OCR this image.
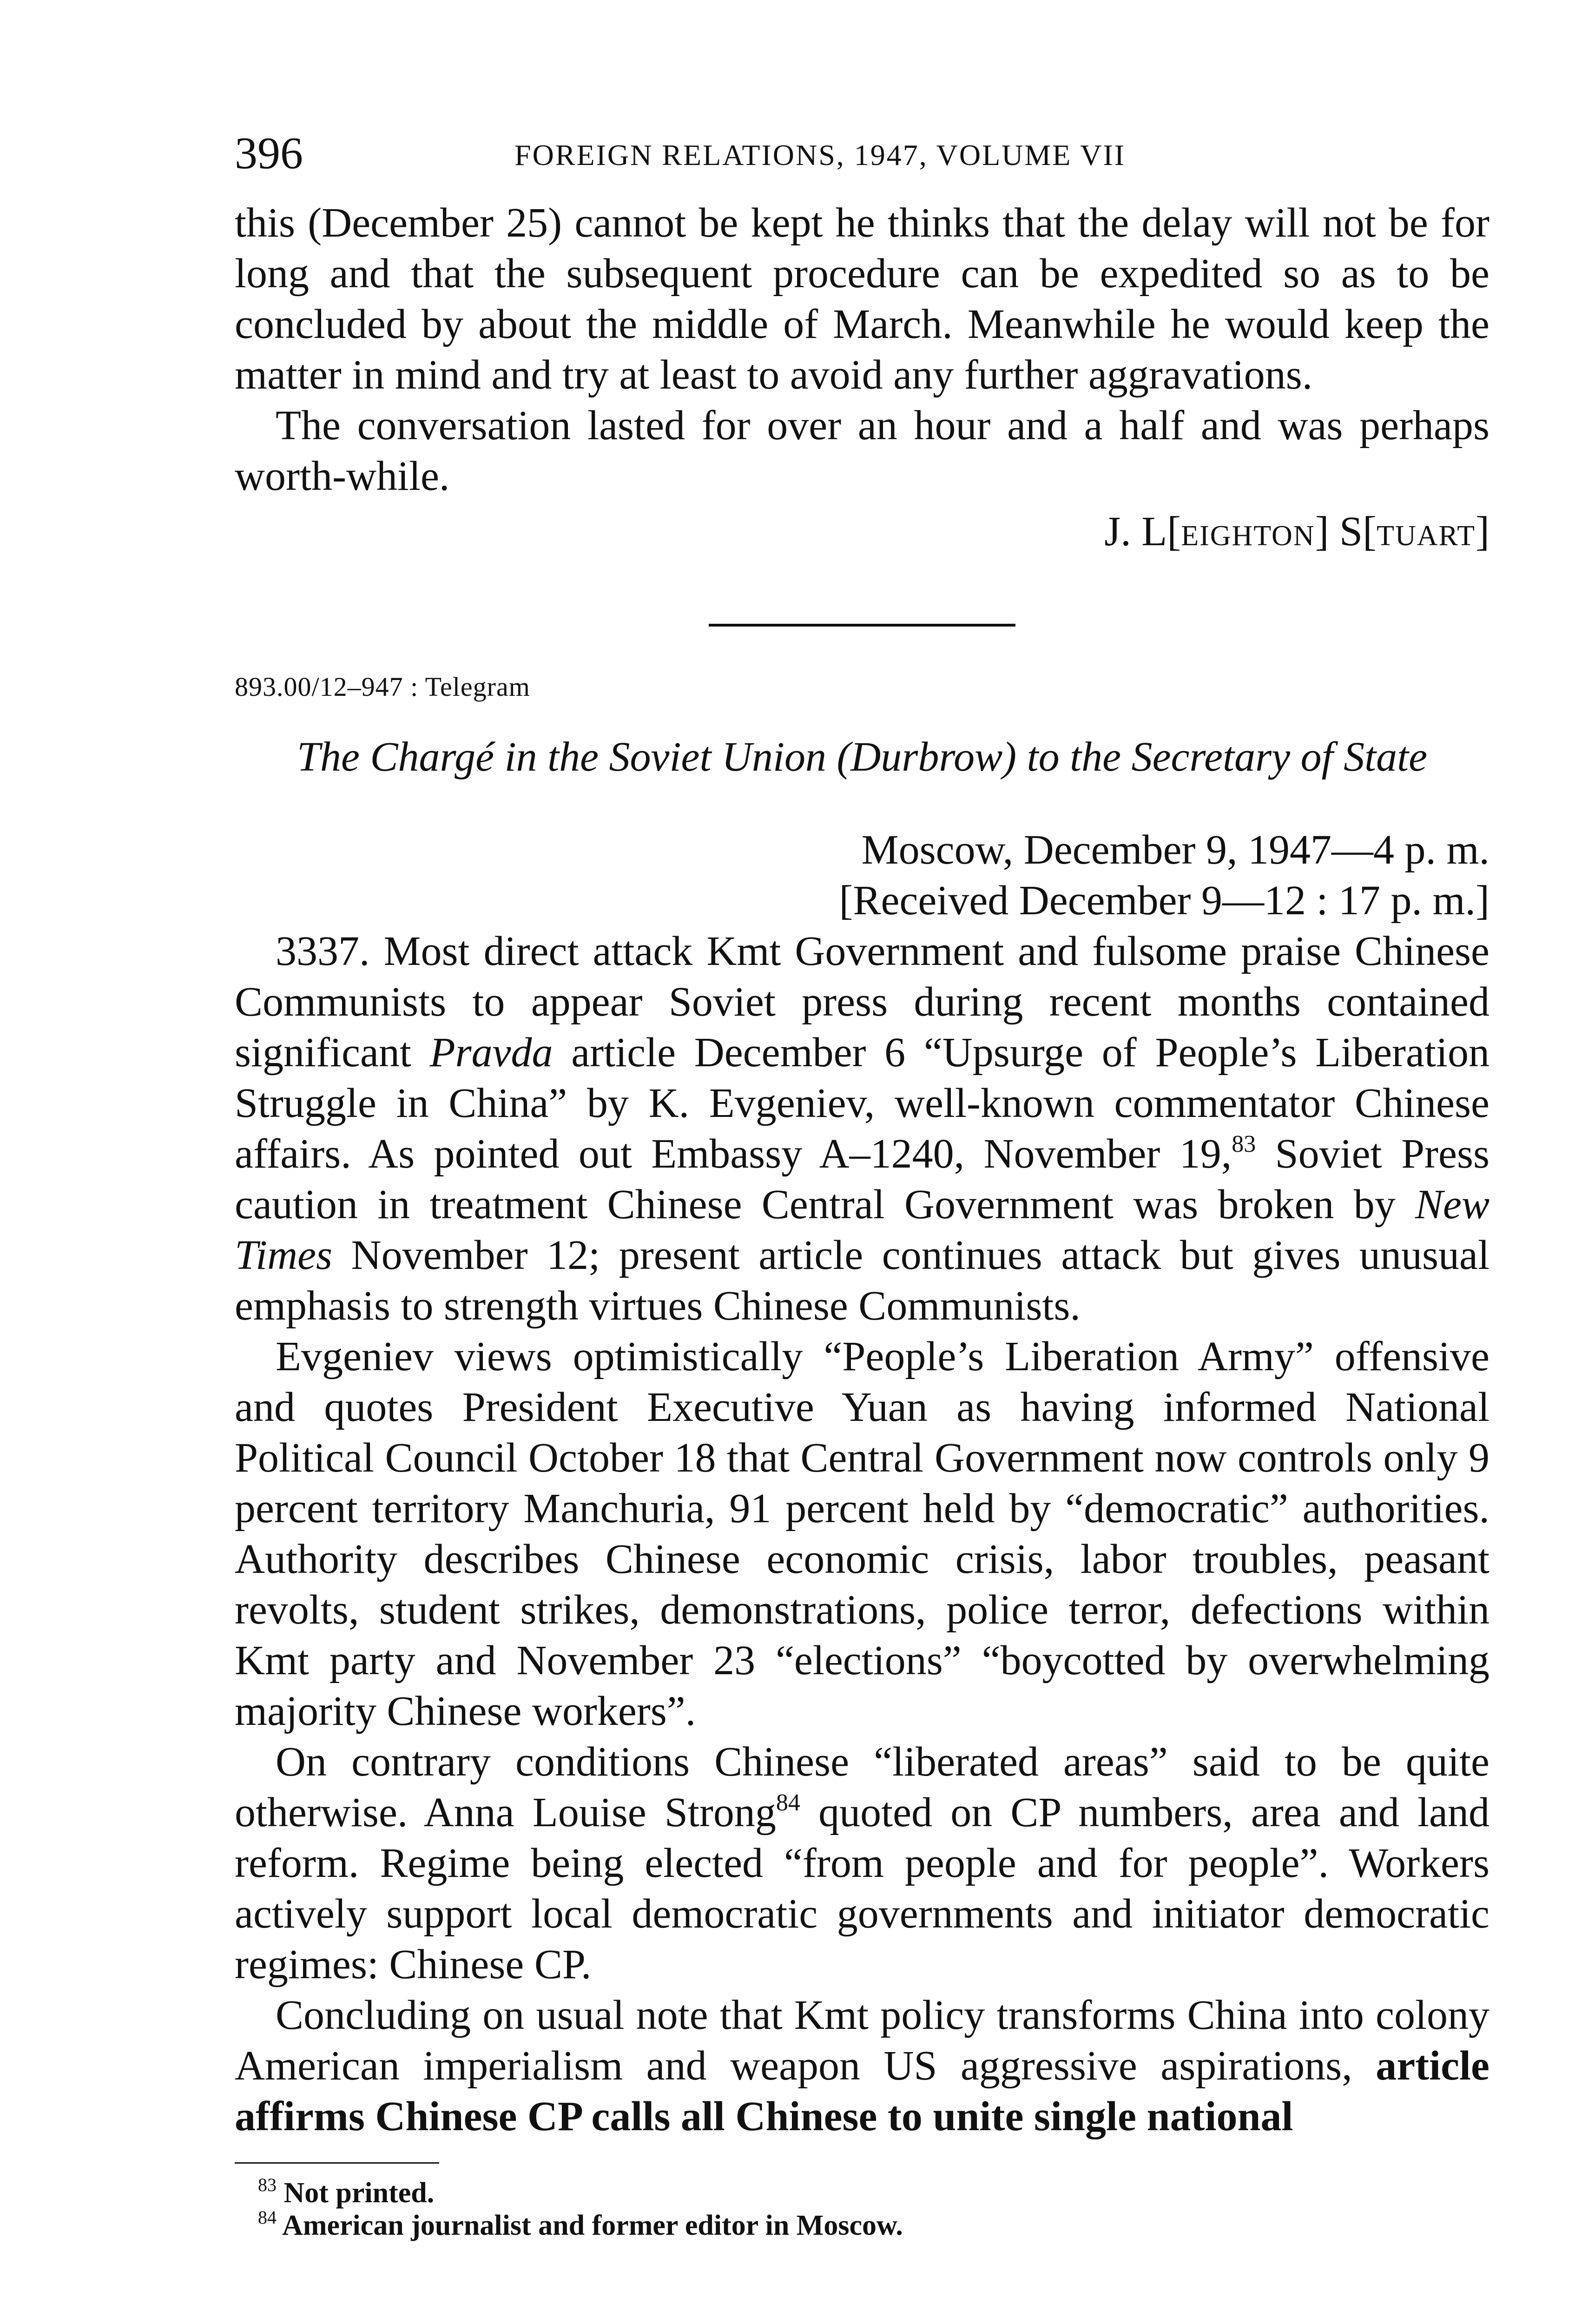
396	FOREIGN RELATIONS, 1947, VOLUME VII

this (December 25) cannot be kept he thinks that the delay will not be for long and that the subsequent procedure can be expedited so as to be concluded by about the middle of March. Meanwhile he would keep the matter in mind and try at least to avoid any further aggravations.

The conversation lasted for over an hour and a half and was perhaps worth-while.

J. L[EIGHTON] S[TUART]
893.00/12–947 : Telegram
The Chargé in the Soviet Union (Durbrow) to the Secretary of State
Moscow, December 9, 1947—4 p. m.
[Received December 9—12 : 17 p. m.]

3337. Most direct attack Kmt Government and fulsome praise Chinese Communists to appear Soviet press during recent months contained significant Pravda article December 6 “Upsurge of People’s Liberation Struggle in China” by K. Evgeniev, well-known commentator Chinese affairs. As pointed out Embassy A–1240, November 19,83 Soviet Press caution in treatment Chinese Central Government was broken by New Times November 12; present article continues attack but gives unusual emphasis to strength virtues Chinese Communists.

Evgeniev views optimistically “People’s Liberation Army” offensive and quotes President Executive Yuan as having informed National Political Council October 18 that Central Government now controls only 9 percent territory Manchuria, 91 percent held by “democratic” authorities. Authority describes Chinese economic crisis, labor troubles, peasant revolts, student strikes, demonstrations, police terror, defections within Kmt party and November 23 “elections” “boycotted by overwhelming majority Chinese workers”.

On contrary conditions Chinese “liberated areas” said to be quite otherwise. Anna Louise Strong$^{84}$ quoted on CP numbers, area and land reform. Regime being elected “from people and for people”. Workers actively support local democratic governments and initiator democratic regimes: Chinese CP.

Concluding on usual note that Kmt policy transforms China into colony American imperialism and weapon US aggressive aspirations, article affirms Chinese CP calls all Chinese to unite single national

$^{83}$ Not printed.

$^{84}$ American journalist and former editor in Moscow.
